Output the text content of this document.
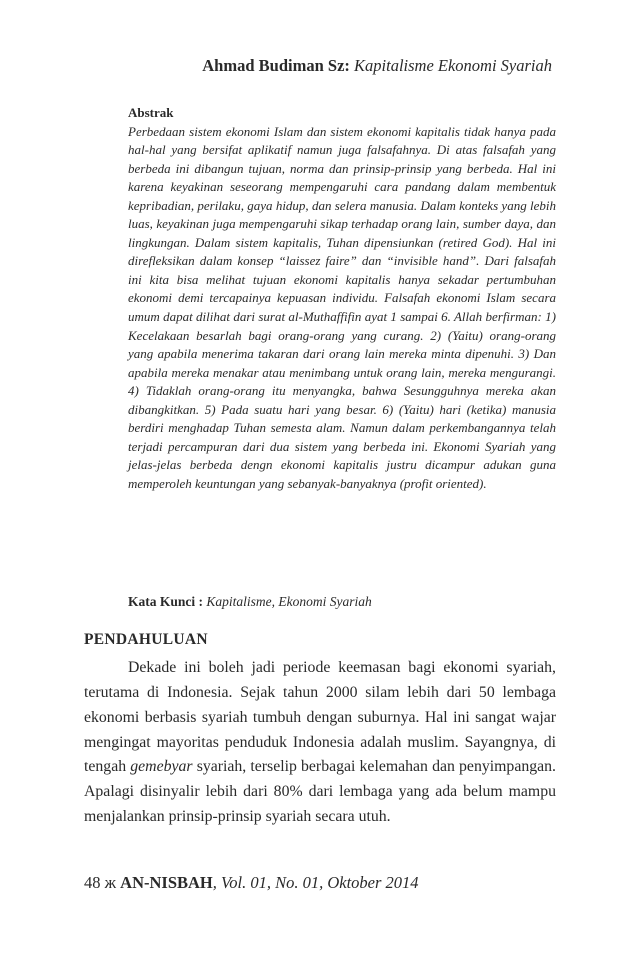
Ahmad Budiman Sz: Kapitalisme Ekonomi Syariah
Abstrak

Perbedaan sistem ekonomi Islam dan sistem ekonomi kapitalis tidak hanya pada hal-hal yang bersifat aplikatif namun juga falsafahnya. Di atas falsafah yang berbeda ini dibangun tujuan, norma dan prinsip-prinsip yang berbeda. Hal ini karena keyakinan seseorang mempengaruhi cara pandang dalam membentuk kepribadian, perilaku, gaya hidup, dan selera manusia. Dalam konteks yang lebih luas, keyakinan juga mempengaruhi sikap terhadap orang lain, sumber daya, dan lingkungan. Dalam sistem kapitalis, Tuhan dipensiunkan (retired God). Hal ini direfleksikan dalam konsep “laissez faire” dan “invisible hand”. Dari falsafah ini kita bisa melihat tujuan ekonomi kapitalis hanya sekadar pertumbuhan ekonomi demi tercapainya kepuasan individu. Falsafah ekonomi Islam secara umum dapat dilihat dari surat al-Muthaffifin ayat 1 sampai 6. Allah berfirman: 1) Kecelakaan besarlah bagi orang-orang yang curang. 2) (Yaitu) orang-orang yang apabila menerima takaran dari orang lain mereka minta dipenuhi. 3) Dan apabila mereka menakar atau menimbang untuk orang lain, mereka mengurangi. 4) Tidaklah orang-orang itu menyangka, bahwa Sesungguhnya mereka akan dibangkitkan. 5) Pada suatu hari yang besar. 6) (Yaitu) hari (ketika) manusia berdiri menghadap Tuhan semesta alam. Namun dalam perkembangannya telah terjadi percampuran dari dua sistem yang berbeda ini. Ekonomi Syariah yang jelas-jelas berbeda dengn ekonomi kapitalis justru dicampur adukan guna memperoleh keuntungan yang sebanyak-banyaknya (profit oriented).

Kata Kunci : Kapitalisme, Ekonomi Syariah
PENDAHULUAN

Dekade ini boleh jadi periode keemasan bagi ekonomi syariah, terutama di Indonesia. Sejak tahun 2000 silam lebih dari 50 lembaga ekonomi berbasis syariah tumbuh dengan suburnya. Hal ini sangat wajar mengingat mayoritas penduduk Indonesia adalah muslim. Sayangnya, di tengah gemebyar syariah, terselip berbagai kelemahan dan penyimpangan. Apalagi disinyalir lebih dari 80% dari lembaga yang ada belum mampu menjalankan prinsip-prinsip syariah secara utuh.

48 ж AN-NISBAH, Vol. 01, No. 01, Oktober 2014
